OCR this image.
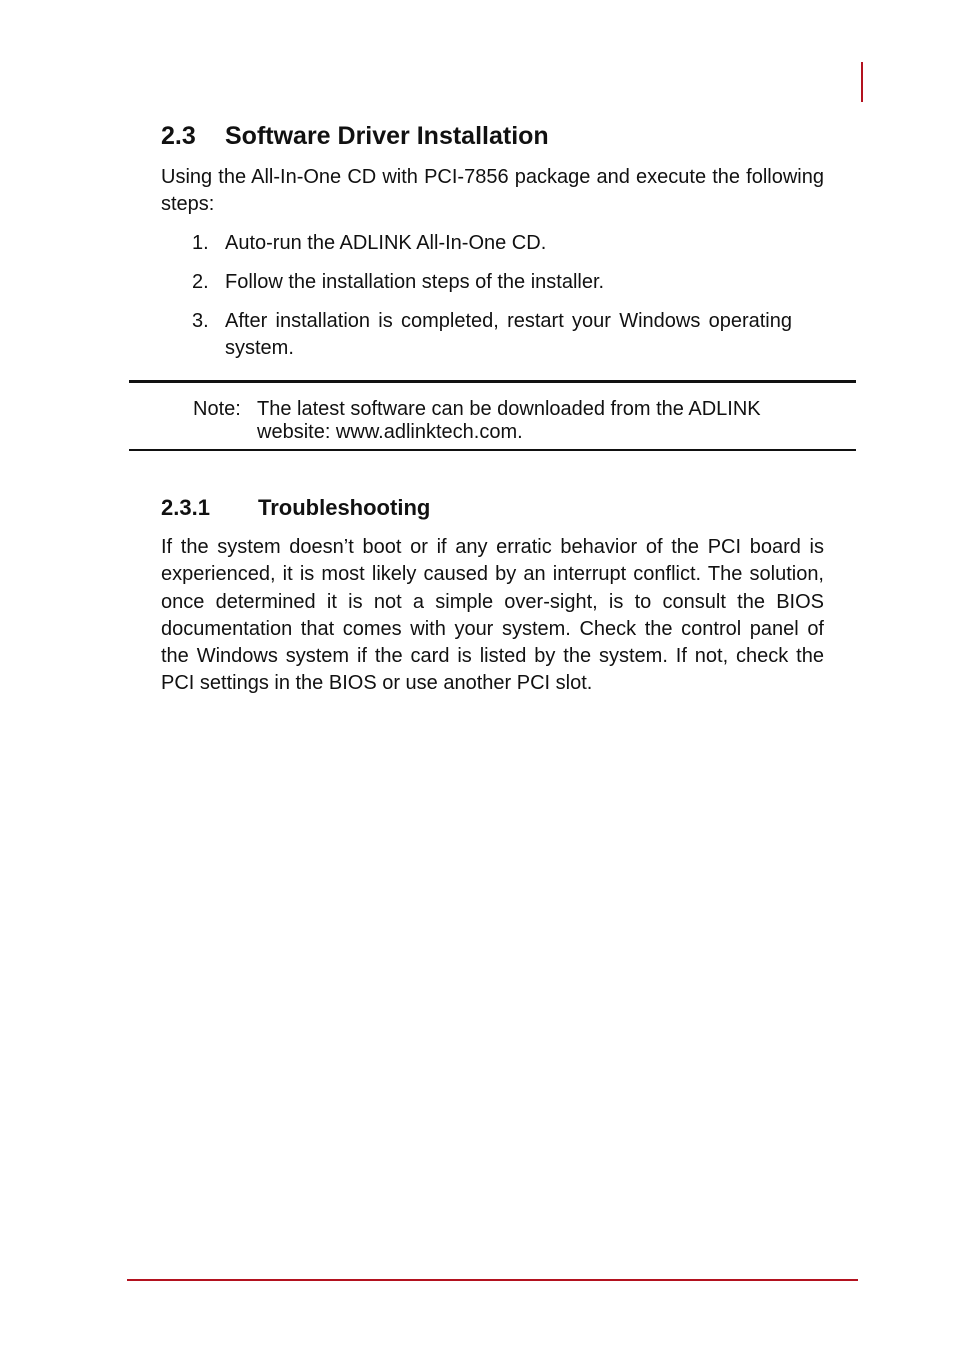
2.3 Software Driver Installation

Using the All-In-One CD with PCI-7856 package and execute the following steps:

1. Auto-run the ADLINK All-In-One CD.
2. Follow the installation steps of the installer.
3. After installation is completed, restart your Windows operating system.
Note: The latest software can be downloaded from the ADLINK website: www.adlinktech.com.
2.3.1 Troubleshooting

If the system doesn’t boot or if any erratic behavior of the PCI board is experienced, it is most likely caused by an interrupt conflict. The solution, once determined it is not a simple over-sight, is to consult the BIOS documentation that comes with your system. Check the control panel of the Windows system if the card is listed by the system. If not, check the PCI settings in the BIOS or use another PCI slot.
